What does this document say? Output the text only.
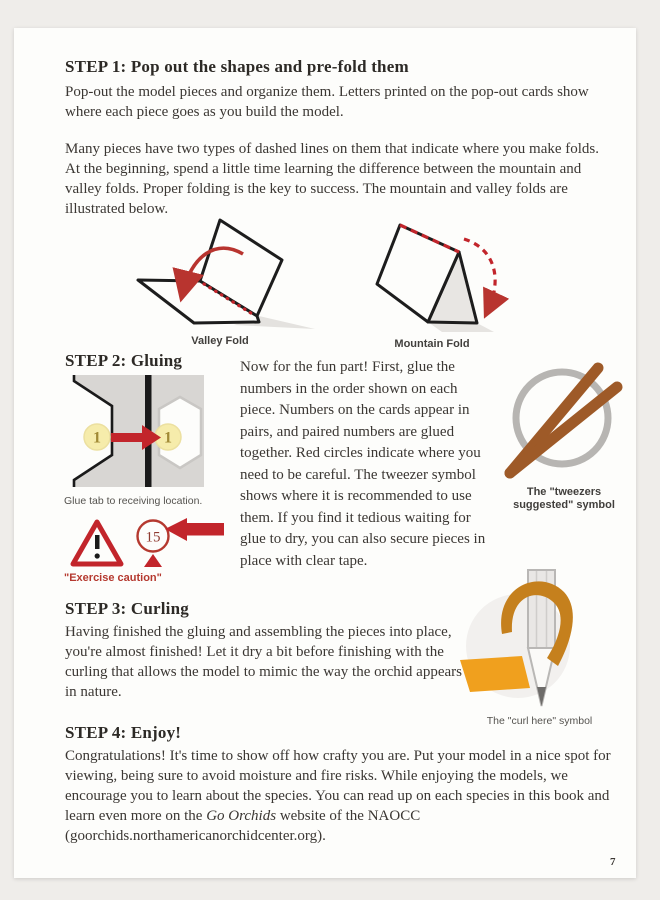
STEP 1: Pop out the shapes and pre-fold them

Pop-out the model pieces and organize them. Letters printed on the pop-out cards show where each piece goes as you build the model.

Many pieces have two types of dashed lines on them that indicate where you make folds. At the beginning, spend a little time learning the difference between the mountain and valley folds. Proper folding is the key to success. The mountain and valley folds are illustrated below.

Valley Fold	Mountain Fold
STEP 2: Gluing
1	1
Glue tab to receiving location.

Now for the fun part! First, glue the numbers in the order shown on each piece. Numbers on the cards appear in pairs, and paired numbers are glued together. Red circles indicate where you need to be careful. The tweezer symbol shows where it is recommended to use them. If you find it tedious waiting for glue to dry, you can also secure pieces in place with clear tape.

The "tweezers
suggested" symbol
15
"Exercise caution"
STEP 3: Curling

Having finished the gluing and assembling the pieces into place, you're almost finished! Let it dry a bit before finishing with the curling that allows the model to mimic the way the orchid appears in nature.

The "curl here" symbol
STEP 4: Enjoy!

Congratulations! It's time to show off how crafty you are. Put your model in a nice spot for viewing, being sure to avoid moisture and fire risks. While enjoying the models, we encourage you to learn about the species. You can read up on each species in this book and learn even more on the Go Orchids website of the NAOCC (goorchids.northamericanorchidcenter.org).

7
